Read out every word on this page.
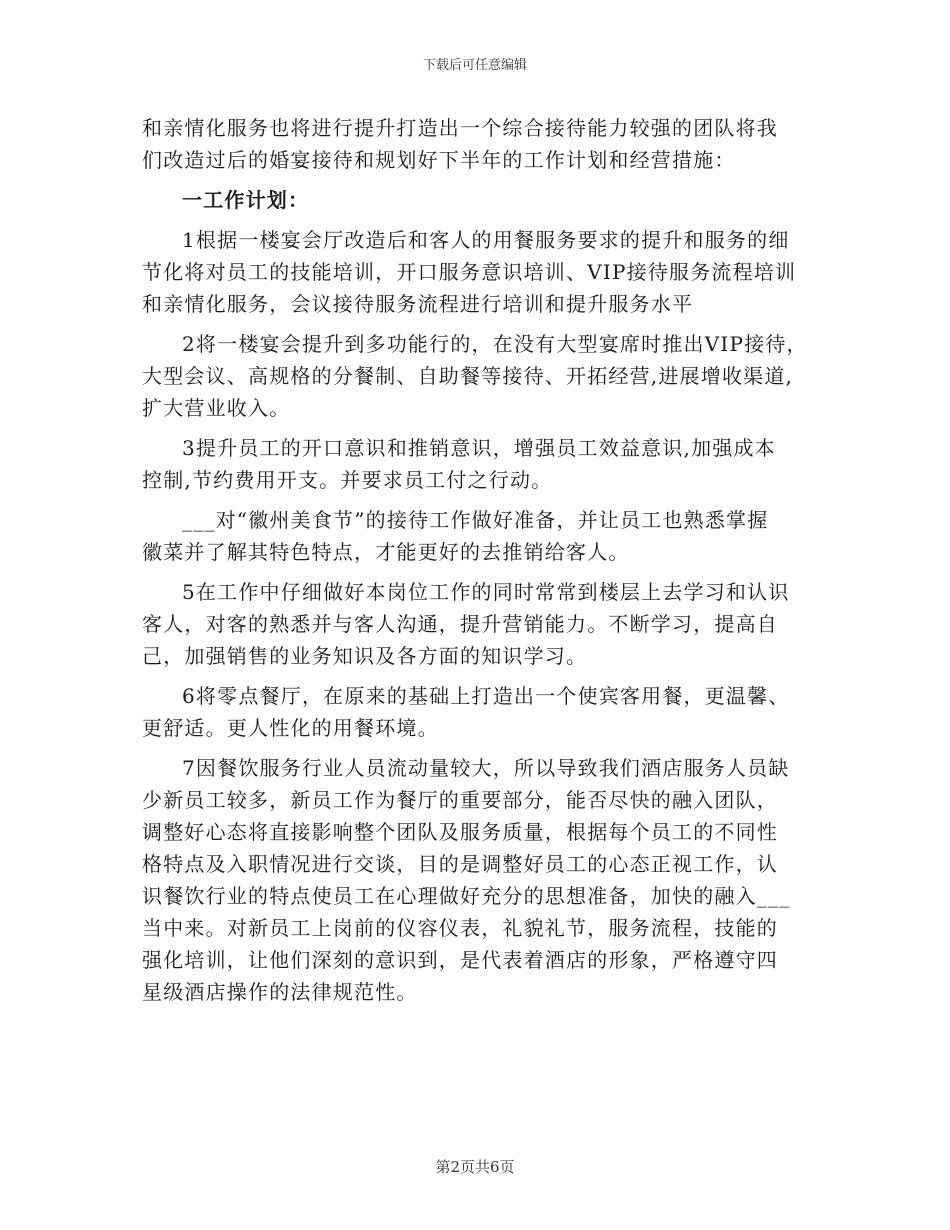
下载后可任意编辑
和亲情化服务也将进行提升打造出一个综合接待能力较强的团队将我
们改造过后的婚宴接待和规划好下半年的工作计划和经营措施：
一工作计划：
1根据一楼宴会厅改造后和客人的用餐服务要求的提升和服务的细
节化将对员工的技能培训，开口服务意识培训、VIP接待服务流程培训
和亲情化服务，会议接待服务流程进行培训和提升服务水平
2将一楼宴会提升到多功能行的，在没有大型宴席时推出VIP接待，
大型会议、高规格的分餐制、自助餐等接待、开拓经营,进展增收渠道,
扩大营业收入。
3提升员工的开口意识和推销意识，增强员工效益意识,加强成本
控制,节约费用开支。并要求员工付之行动。
___对“徽州美食节”的接待工作做好准备，并让员工也熟悉掌握
徽菜并了解其特色特点，才能更好的去推销给客人。
5在工作中仔细做好本岗位工作的同时常常到楼层上去学习和认识
客人，对客的熟悉并与客人沟通，提升营销能力。不断学习，提高自
己，加强销售的业务知识及各方面的知识学习。
6将零点餐厅，在原来的基础上打造出一个使宾客用餐，更温馨、
更舒适。更人性化的用餐环境。
7因餐饮服务行业人员流动量较大，所以导致我们酒店服务人员缺
少新员工较多，新员工作为餐厅的重要部分，能否尽快的融入团队，
调整好心态将直接影响整个团队及服务质量，根据每个员工的不同性
格特点及入职情况进行交谈，目的是调整好员工的心态正视工作，认
识餐饮行业的特点使员工在心理做好充分的思想准备，加快的融入___
当中来。对新员工上岗前的仪容仪表，礼貌礼节，服务流程，技能的
强化培训，让他们深刻的意识到，是代表着酒店的形象，严格遵守四
星级酒店操作的法律规范性。
第2页共6页
